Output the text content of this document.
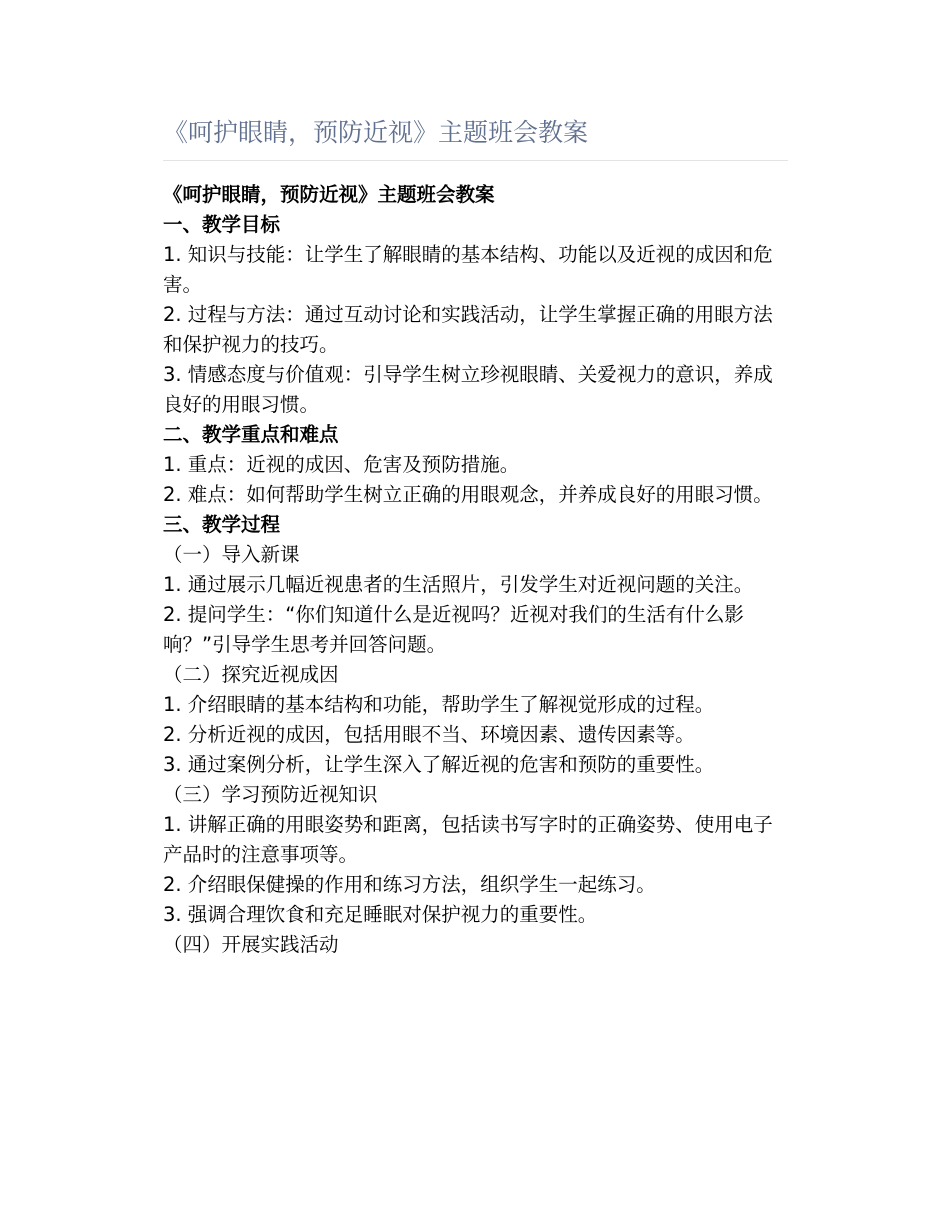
《呵护眼睛，预防近视》主题班会教案

《呵护眼睛，预防近视》主题班会教案

一、教学目标

1. 知识与技能：让学生了解眼睛的基本结构、功能以及近视的成因和危害。

2. 过程与方法：通过互动讨论和实践活动，让学生掌握正确的用眼方法和保护视力的技巧。

3. 情感态度与价值观：引导学生树立珍视眼睛、关爱视力的意识，养成良好的用眼习惯。

二、教学重点和难点

1. 重点：近视的成因、危害及预防措施。

2. 难点：如何帮助学生树立正确的用眼观念，并养成良好的用眼习惯。

三、教学过程

（一）导入新课

1. 通过展示几幅近视患者的生活照片，引发学生对近视问题的关注。

2. 提问学生：“你们知道什么是近视吗？近视对我们的生活有什么影响？”引导学生思考并回答问题。

（二）探究近视成因

1. 介绍眼睛的基本结构和功能，帮助学生了解视觉形成的过程。

2. 分析近视的成因，包括用眼不当、环境因素、遗传因素等。

3. 通过案例分析，让学生深入了解近视的危害和预防的重要性。

（三）学习预防近视知识

1. 讲解正确的用眼姿势和距离，包括读书写字时的正确姿势、使用电子产品时的注意事项等。

2. 介绍眼保健操的作用和练习方法，组织学生一起练习。

3. 强调合理饮食和充足睡眠对保护视力的重要性。

（四）开展实践活动
